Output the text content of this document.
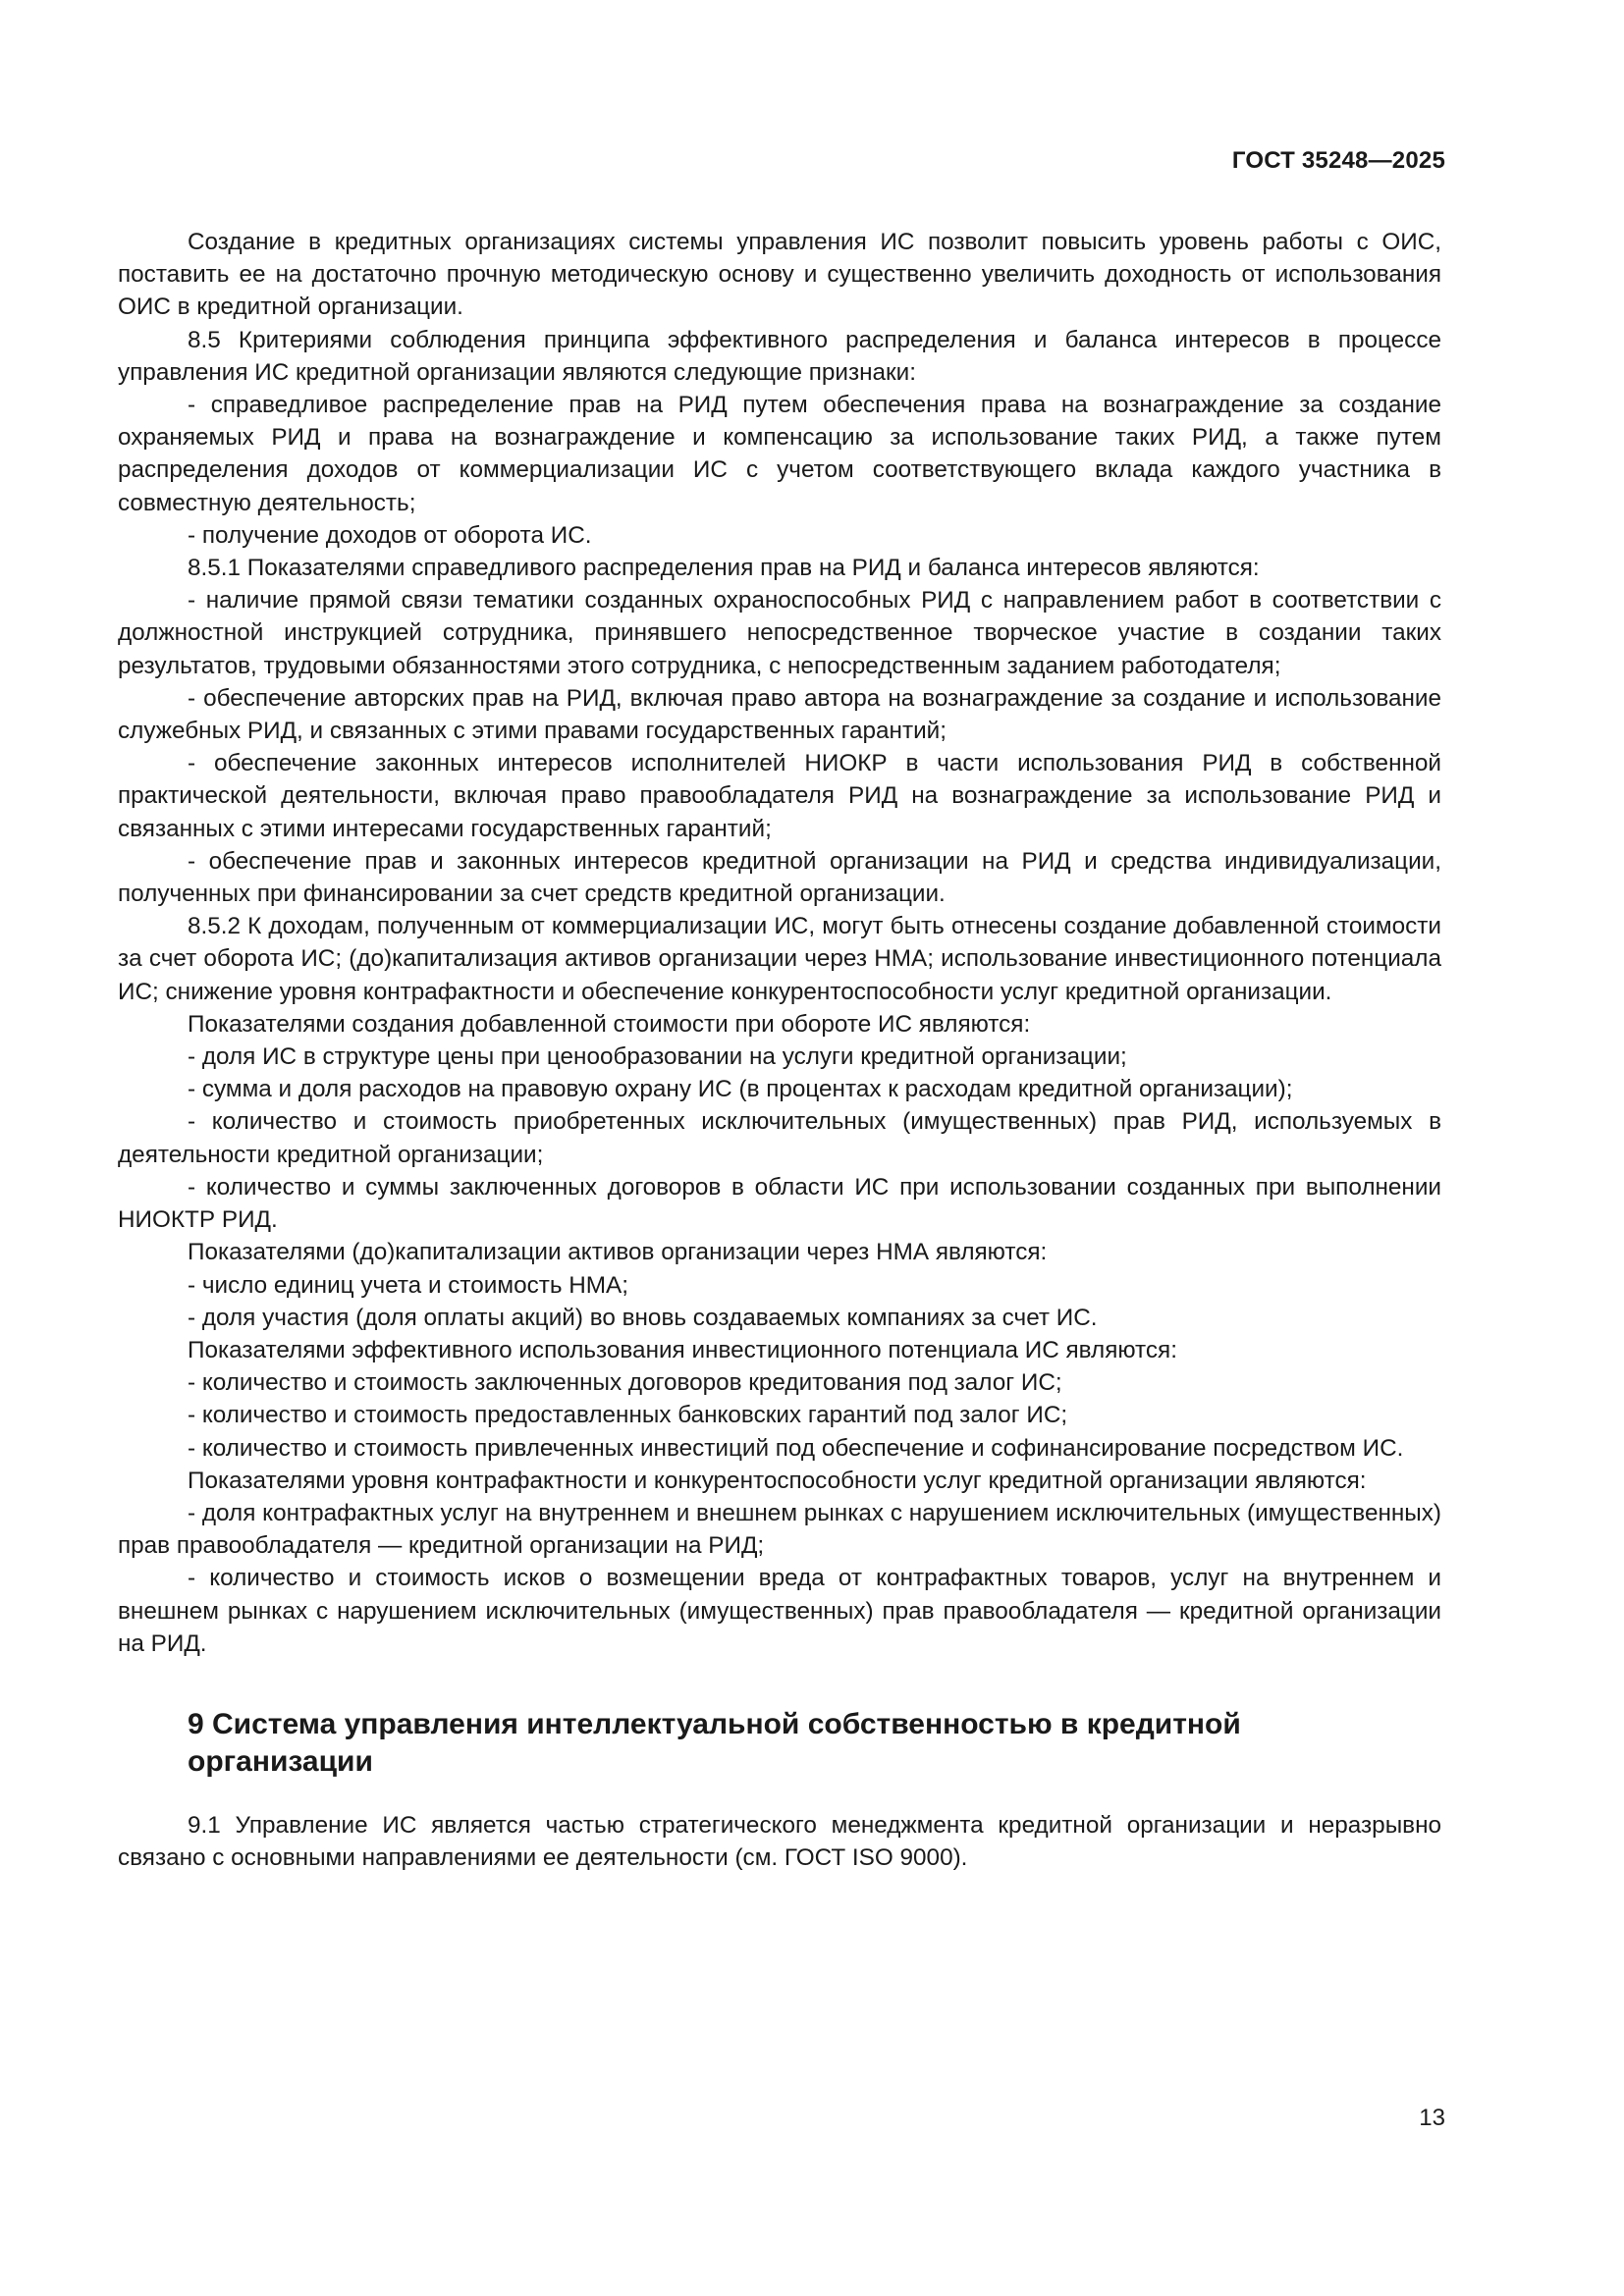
ГОСТ 35248—2025

Создание в кредитных организациях системы управления ИС позволит повысить уровень работы с ОИС, поставить ее на достаточно прочную методическую основу и существенно увеличить доходность от использования ОИС в кредитной организации.

8.5 Критериями соблюдения принципа эффективного распределения и баланса интересов в процессе управления ИС кредитной организации являются следующие признаки:

- справедливое распределение прав на РИД путем обеспечения права на вознаграждение за создание охраняемых РИД и права на вознаграждение и компенсацию за использование таких РИД, а также путем распределения доходов от коммерциализации ИС с учетом соответствующего вклада каждого участника в совместную деятельность;

- получение доходов от оборота ИС.

8.5.1 Показателями справедливого распределения прав на РИД и баланса интересов являются:

- наличие прямой связи тематики созданных охраноспособных РИД с направлением работ в соответствии с должностной инструкцией сотрудника, принявшего непосредственное творческое участие в создании таких результатов, трудовыми обязанностями этого сотрудника, с непосредственным заданием работодателя;

- обеспечение авторских прав на РИД, включая право автора на вознаграждение за создание и использование служебных РИД, и связанных с этими правами государственных гарантий;

- обеспечение законных интересов исполнителей НИОКР в части использования РИД в собственной практической деятельности, включая право правообладателя РИД на вознаграждение за использование РИД и связанных с этими интересами государственных гарантий;

- обеспечение прав и законных интересов кредитной организации на РИД и средства индивидуализации, полученных при финансировании за счет средств кредитной организации.

8.5.2 К доходам, полученным от коммерциализации ИС, могут быть отнесены создание добавленной стоимости за счет оборота ИС; (до)капитализация активов организации через НМА; использование инвестиционного потенциала ИС; снижение уровня контрафактности и обеспечение конкурентоспособности услуг кредитной организации.

Показателями создания добавленной стоимости при обороте ИС являются:

- доля ИС в структуре цены при ценообразовании на услуги кредитной организации;

- сумма и доля расходов на правовую охрану ИС (в процентах к расходам кредитной организации);

- количество и стоимость приобретенных исключительных (имущественных) прав РИД, используемых в деятельности кредитной организации;

- количество и суммы заключенных договоров в области ИС при использовании созданных при выполнении НИОКТР РИД.

Показателями (до)капитализации активов организации через НМА являются:

- число единиц учета и стоимость НМА;

- доля участия (доля оплаты акций) во вновь создаваемых компаниях за счет ИС.

Показателями эффективного использования инвестиционного потенциала ИС являются:

- количество и стоимость заключенных договоров кредитования под залог ИС;

- количество и стоимость предоставленных банковских гарантий под залог ИС;

- количество и стоимость привлеченных инвестиций под обеспечение и софинансирование посредством ИС.

Показателями уровня контрафактности и конкурентоспособности услуг кредитной организации являются:

- доля контрафактных услуг на внутреннем и внешнем рынках с нарушением исключительных (имущественных) прав правообладателя — кредитной организации на РИД;

- количество и стоимость исков о возмещении вреда от контрафактных товаров, услуг на внутреннем и внешнем рынках с нарушением исключительных (имущественных) прав правообладателя — кредитной организации на РИД.

9 Система управления интеллектуальной собственностью в кредитной организации

9.1 Управление ИС является частью стратегического менеджмента кредитной организации и неразрывно связано с основными направлениями ее деятельности (см. ГОСТ ISO 9000).

13
